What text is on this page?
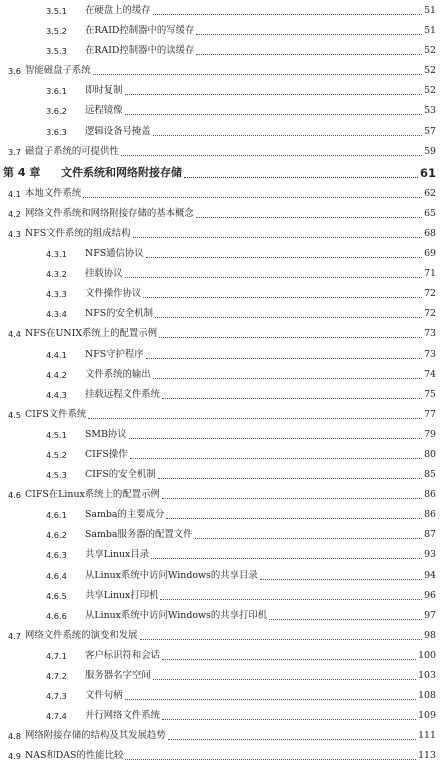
3.5.1 在硬盘上的缓存	51
3.5.2 在RAID控制器中的写缓存	51
3.5.3 在RAID控制器中的读缓存	52
3.6 智能磁盘子系统	52
3.6.1 即时复制	52
3.6.2 远程镜像	53
3.6.3 逻辑设备号掩盖	57
3.7 磁盘子系统的可提供性	59
第 4 章 文件系统和网络附接存储	61
4.1 本地文件系统	62
4.2 网络文件系统和网络附接存储的基本概念	65
4.3 NFS文件系统的组成结构	68
4.3.1 NFS通信协议	69
4.3.2 挂载协议	71
4.3.3 文件操作协议	72
4.3.4 NFS的安全机制	72
4.4 NFS在UNIX系统上的配置示例	73
4.4.1 NFS守护程序	73
4.4.2 文件系统的输出	74
4.4.3 挂载远程文件系统	75
4.5 CIFS文件系统	77
4.5.1 SMB协议	79
4.5.2 CIFS操作	80
4.5.3 CIFS的安全机制	85
4.6 CIFS在Linux系统上的配置示例	86
4.6.1 Samba的主要成分	86
4.6.2 Samba服务器的配置文件	87
4.6.3 共享Linux目录	93
4.6.4 从Linux系统中访问Windows的共享目录	94
4.6.5 共享Linux打印机	96
4.6.6 从Linux系统中访问Windows的共享打印机	97
4.7 网络文件系统的演变和发展	98
4.7.1 客户标识符和会话	100
4.7.2 服务器名字空间	103
4.7.3 文件句柄	108
4.7.4 并行网络文件系统	109
4.8 网络附接存储的结构及其发展趋势	111
4.9 NAS和DAS的性能比较	113
